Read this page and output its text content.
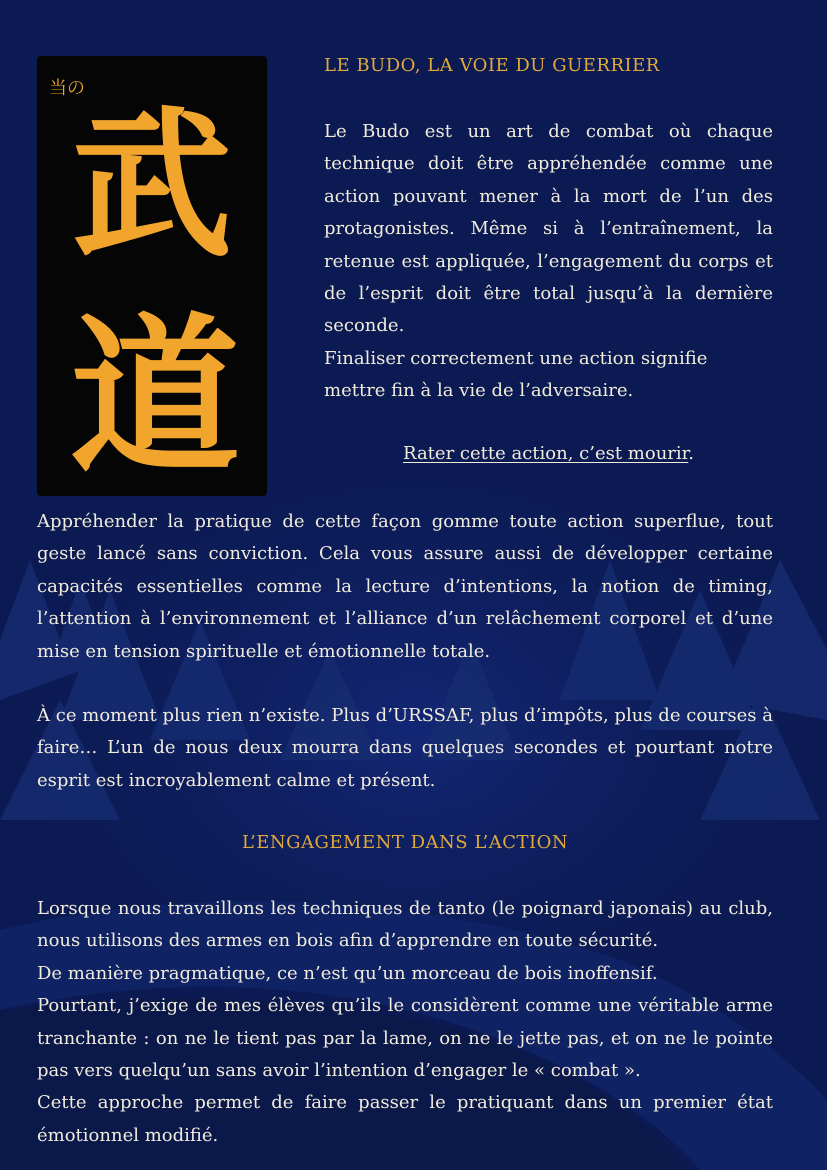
当の
武
道
LE BUDO, LA VOIE DU GUERRIER

Le Budo est un art de combat où chaque technique doit être appréhendée comme une action pouvant mener à la mort de l’un des protagonistes. Même si à l’entraînement, la retenue est appliquée, l’engagement du corps et de l’esprit doit être total jusqu’à la dernière seconde.

Finaliser correctement une action signifie mettre fin à la vie de l’adversaire.

Rater cette action, c’est mourir.

Appréhender la pratique de cette façon gomme toute action superflue, tout geste lancé sans conviction. Cela vous assure aussi de développer certaine capacités essentielles comme la lecture d’intentions, la notion de timing, l’attention à l’environnement et l’alliance d’un relâchement corporel et d’une mise en tension spirituelle et émotionnelle totale.

À ce moment plus rien n’existe. Plus d’URSSAF, plus d’impôts, plus de courses à faire… L’un de nous deux mourra dans quelques secondes et pourtant notre esprit est incroyablement calme et présent.

L’ENGAGEMENT DANS L’ACTION

Lorsque nous travaillons les techniques de tanto (le poignard japonais) au club, nous utilisons des armes en bois afin d’apprendre en toute sécurité.

De manière pragmatique, ce n’est qu’un morceau de bois inoffensif.

Pourtant, j’exige de mes élèves qu’ils le considèrent comme une véritable arme tranchante : on ne le tient pas par la lame, on ne le jette pas, et on ne le pointe pas vers quelqu’un sans avoir l’intention d’engager le « combat ».

Cette approche permet de faire passer le pratiquant dans un premier état émotionnel modifié.
